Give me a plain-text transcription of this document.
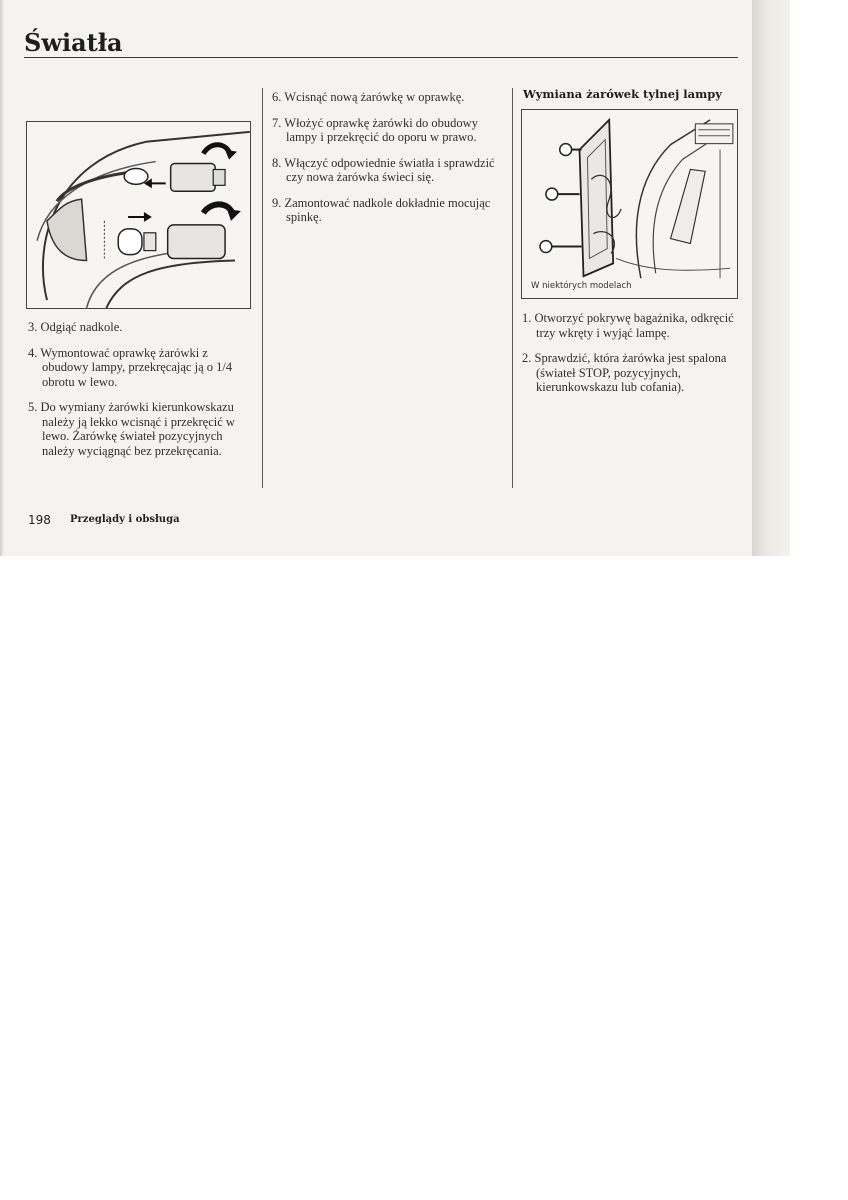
Światła
3. Odgiąć nadkole.
4. Wymontować oprawkę żarówki z obudowy lampy, przekręcając ją o 1/4 obrotu w lewo.
5. Do wymiany żarówki kierunkowskazu należy ją lekko wcisnąć i przekręcić w lewo. Żarówkę świateł pozycyjnych należy wyciągnąć bez przekręcania.
6. Wcisnąć nową żarówkę w oprawkę.
7. Włożyć oprawkę żarówki do obudowy lampy i przekręcić do oporu w prawo.
8. Włączyć odpowiednie światła i sprawdzić czy nowa żarówka świeci się.
9. Zamontować nadkole dokładnie mocując spinkę.
Wymiana żarówek tylnej lampy
W niektórych modelach
1. Otworzyć pokrywę bagażnika, odkręcić trzy wkręty i wyjąć lampę.
2. Sprawdzić, która żarówka jest spalona (świateł STOP, pozycyjnych, kierunkowskazu lub cofania).
198 Przeglądy i obsługa
